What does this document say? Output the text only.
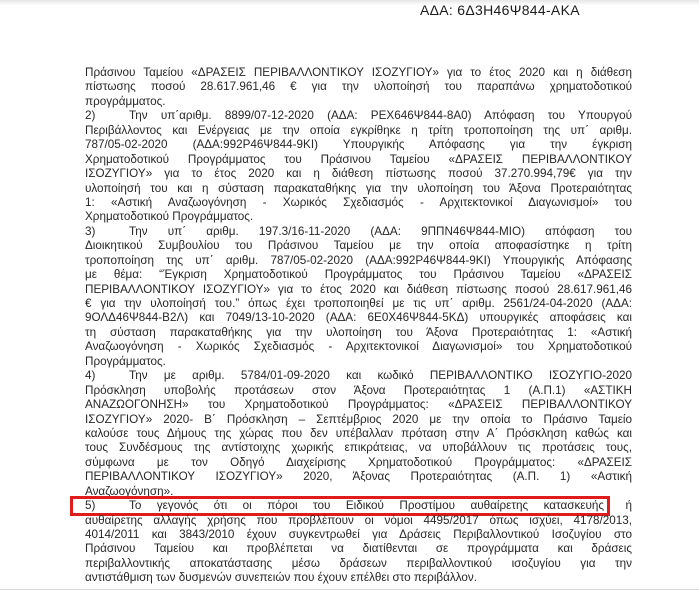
ΑΔΑ: 6Δ3Η46Ψ844-ΑΚΑ
Πράσινου Ταμείου «ΔΡΑΣΕΙΣ ΠΕΡΙΒΑΛΛΟΝΤΙΚΟΥ ΙΣΟΖΥΓΙΟΥ» για το έτος 2020 και η διάθεση
πίστωσης ποσού 28.617.961,46 € για την υλοποίησή του παραπάνω χρηματοδοτικού
προγράμματος.
2)	Την υπ΄αριθμ. 8899/07-12-2020 (ΑΔΑ: ΡΕΧ646Ψ844-8Α0) Απόφαση του Υπουργού
Περιβάλλοντος και Ενέργειας με την οποία εγκρίθηκε η τρίτη τροποποίηση της υπ΄ αριθμ.
787/05-02-2020 (ΑΔΑ:992Ρ46Ψ844-9ΚΙ) Υπουργικής Απόφασης για την έγκριση
Χρηματοδοτικού Προγράμματος του Πράσινου Ταμείου «ΔΡΑΣΕΙΣ ΠΕΡΙΒΑΛΛΟΝΤΙΚΟΥ
ΙΣΟΖΥΓΙΟΥ» για το έτος 2020 και η διάθεση πίστωσης ποσού 37.270.994,79€ για την
υλοποίησή του και η σύσταση παρακαταθήκης για την υλοποίηση του Άξονα Προτεραιότητας
1: «Αστική Αναζωογόνηση - Χωρικός Σχεδιασμός - Αρχιτεκτονικοί Διαγωνισμοί» του
Χρηματοδοτικού Προγράμματος.
3)	Την υπ΄ αριθμ. 197.3/16-11-2020 (ΑΔΑ: 9ΠΠΝ46Ψ844-ΜΙΟ) απόφαση του
Διοικητικού Συμβουλίου του Πράσινου Ταμείου με την οποία αποφασίστηκε η τρίτη
τροποποίηση της υπ΄ αριθμ. 787/05-02-2020 (ΑΔΑ:992Ρ46Ψ844-9ΚΙ) Υπουργικής Απόφασης
με θέμα: “Έγκριση Χρηματοδοτικού Προγράμματος του Πράσινου Ταμείου «ΔΡΑΣΕΙΣ
ΠΕΡΙΒΑΛΛΟΝΤΙΚΟΥ ΙΣΟΖΥΓΙΟΥ» για το έτος 2020 και διάθεση πίστωσης ποσού 28.617.961,46
€ για την υλοποίησή του.” όπως έχει τροποποιηθεί με τις υπ΄ αριθμ. 2561/24-04-2020 (ΑΔΑ:
9ΟΛΔ46Ψ844-Β2Λ) και 7049/13-10-2020 (ΑΔΑ: 6Ε0Χ46Ψ844-5ΚΔ) υπουργικές αποφάσεις και
τη σύσταση παρακαταθήκης για την υλοποίηση του Άξονα Προτεραιότητας 1: «Αστική
Αναζωογόνηση - Χωρικός Σχεδιασμός - Αρχιτεκτονικοί Διαγωνισμοί» του Χρηματοδοτικού
Προγράμματος.
4)	Την με αριθμ. 5784/01-09-2020 και κωδικό ΠΕΡΙΒΑΛΛΟΝΤΙΚΟ ΙΣΟΖΥΓΙΟ-2020
Πρόσκληση υποβολής προτάσεων στον Άξονα Προτεραιότητας 1 (Α.Π.1) «ΑΣΤΙΚΗ
ΑΝΑΖΩΟΓΟΝΗΣΗ» του Χρηματοδοτικού Προγράμματος: «ΔΡΑΣΕΙΣ ΠΕΡΙΒΑΛΛΟΝΤΙΚΟΥ
ΙΣΟΖΥΓΙΟΥ» 2020- Β΄ Πρόσκληση – Σεπτέμβριος 2020 με την οποία το Πράσινο Ταμείο
καλούσε τους Δήμους της χώρας που δεν υπέβαλλαν πρόταση στην Α΄ Πρόσκληση καθώς και
τους Συνδέσμους της αντίστοιχης χωρικής επικράτειας, να υποβάλλουν τις προτάσεις τους,
σύμφωνα με τον Οδηγό Διαχείρισης Χρηματοδοτικού Προγράμματος: «ΔΡΑΣΕΙΣ
ΠΕΡΙΒΑΛΛΟΝΤΙΚΟΥ ΙΣΟΖΥΓΙΟΥ» 2020, Άξονας Προτεραιότητας (Α.Π. 1) «Αστική
Αναζωογόνηση».
5)	Το γεγονός ότι οι πόροι του Ειδικού Προστίμου αυθαίρετης κατασκευής ή
αυθαίρετης αλλαγής χρήσης που προβλέπουν οι νόμοι 4495/2017 όπως ισχύει, 4178/2013,
4014/2011 και 3843/2010 έχουν συγκεντρωθεί για Δράσεις Περιβαλλοντικού Ισοζυγίου στο
Πράσινου Ταμείου και προβλέπεται να διατίθενται σε προγράμματα και δράσεις
περιβαλλοντικής αποκατάστασης μέσω δράσεων περιβαλλοντικού ισοζυγίου για την
αντιστάθμιση των δυσμενών συνεπειών που έχουν επέλθει στο περιβάλλον.
